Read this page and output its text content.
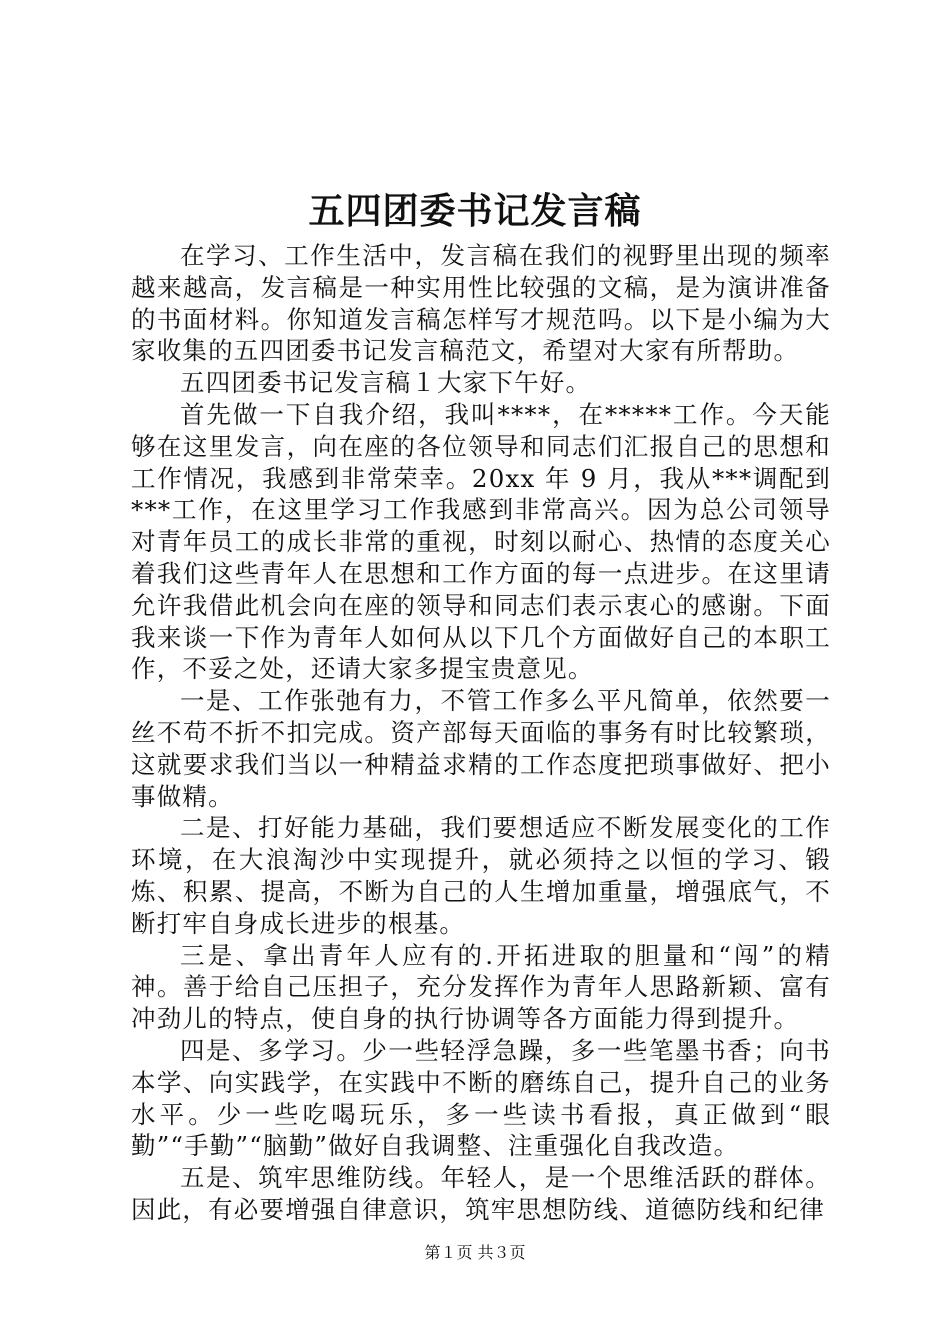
五四团委书记发言稿

在学习、工作生活中，发言稿在我们的视野里出现的频率越来越高，发言稿是一种实用性比较强的文稿，是为演讲准备的书面材料。你知道发言稿怎样写才规范吗。以下是小编为大家收集的五四团委书记发言稿范文，希望对大家有所帮助。

五四团委书记发言稿１大家下午好。

首先做一下自我介绍，我叫****，在*****工作。今天能够在这里发言，向在座的各位领导和同志们汇报自己的思想和工作情况，我感到非常荣幸。20xx 年 9 月，我从***调配到***工作，在这里学习工作我感到非常高兴。因为总公司领导对青年员工的成长非常的重视，时刻以耐心、热情的态度关心着我们这些青年人在思想和工作方面的每一点进步。在这里请允许我借此机会向在座的领导和同志们表示衷心的感谢。下面我来谈一下作为青年人如何从以下几个方面做好自己的本职工作，不妥之处，还请大家多提宝贵意见。

一是、工作张弛有力，不管工作多么平凡简单，依然要一丝不苟不折不扣完成。资产部每天面临的事务有时比较繁琐，这就要求我们当以一种精益求精的工作态度把琐事做好、把小事做精。

二是、打好能力基础，我们要想适应不断发展变化的工作环境，在大浪淘沙中实现提升，就必须持之以恒的学习、锻炼、积累、提高，不断为自己的人生增加重量，增强底气，不断打牢自身成长进步的根基。

三是、拿出青年人应有的.开拓进取的胆量和“闯”的精神。善于给自己压担子，充分发挥作为青年人思路新颖、富有冲劲儿的特点，使自身的执行协调等各方面能力得到提升。

四是、多学习。少一些轻浮急躁，多一些笔墨书香；向书本学、向实践学，在实践中不断的磨练自己，提升自己的业务水平。少一些吃喝玩乐，多一些读书看报，真正做到“眼勤”“手勤”“脑勤”做好自我调整、注重强化自我改造。

五是、筑牢思维防线。年轻人，是一个思维活跃的群体。因此，有必要增强自律意识，筑牢思想防线、道德防线和纪律

第１页 共３页
